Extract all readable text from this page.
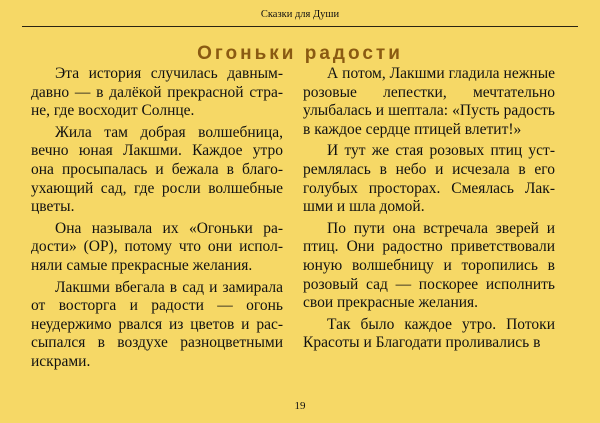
Сказки для Души
Огоньки радости

Эта история случилась давным-давно — в далёкой прекрасной стране, где восходит Солнце.

Жила там добрая волшебница, вечно юная Лакшми. Каждое утро она просыпалась и бежала в благоухающий сад, где росли волшебные цветы.

Она называла их «Огоньки радости» (ОР), потому что они исполняли самые прекрасные желания.

Лакшми вбегала в сад и замирала от восторга и радости — огонь неудержимо рвался из цветов и рассыпался в воздухе разноцветными искрами.

А потом, Лакшми гладила нежные розовые лепестки, мечтательно улыбалась и шептала: «Пусть радость в каждое сердце птицей влетит!»

И тут же стая розовых птиц устремлялась в небо и исчезала в его голубых просторах. Смеялась Лакшми и шла домой.

По пути она встречала зверей и птиц. Они радостно приветствовали юную волшебницу и торопились в розовый сад — поскорее исполнить свои прекрасные желания.

Так было каждое утро. Потоки Красоты и Благодати проливались в

19
